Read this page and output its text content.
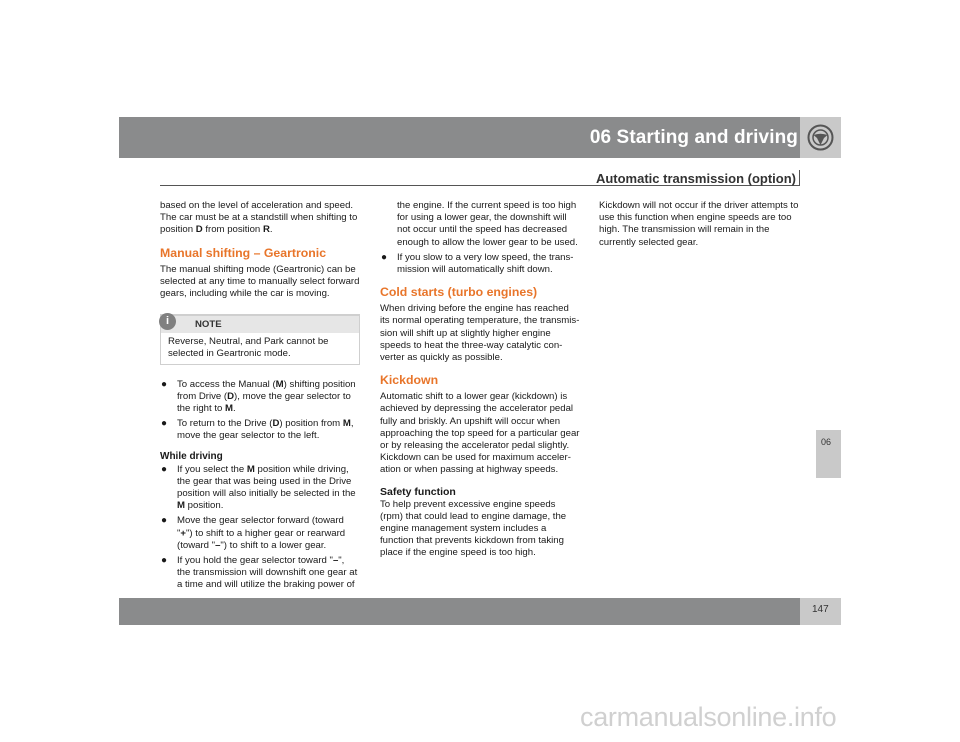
06 Starting and driving
Automatic transmission (option)
06

based on the level of acceleration and speed. The car must be at a standstill when shifting to position D from position R.

Manual shifting – Geartronic

The manual shifting mode (Geartronic) can be selected at any time to manually select forward gears, including while the car is moving.

i	NOTE
Reverse, Neutral, and Park cannot be selected in Geartronic mode.
● To access the Manual (M) shifting position from Drive (D), move the gear selector to the right to M.
● To return to the Drive (D) position from M, move the gear selector to the left.
While driving
● If you select the M position while driving, the gear that was being used in the Drive position will also initially be selected in the M position.
● Move the gear selector forward (toward "+") to shift to a higher gear or rearward (toward "–") to shift to a lower gear.
● If you hold the gear selector toward "–", the transmission will downshift one gear at a time and will utilize the braking power of
the engine. If the current speed is too high for using a lower gear, the downshift will not occur until the speed has decreased enough to allow the lower gear to be used.
● If you slow to a very low speed, the trans-mission will automatically shift down.
Cold starts (turbo engines)

When driving before the engine has reached its normal operating temperature, the transmis-sion will shift up at slightly higher engine speeds to heat the three-way catalytic con-verter as quickly as possible.

Kickdown

Automatic shift to a lower gear (kickdown) is achieved by depressing the accelerator pedal fully and briskly. An upshift will occur when approaching the top speed for a particular gear or by releasing the accelerator pedal slightly. Kickdown can be used for maximum acceler-ation or when passing at highway speeds.

Safety function

To help prevent excessive engine speeds (rpm) that could lead to engine damage, the engine management system includes a function that prevents kickdown from taking place if the engine speed is too high.

Kickdown will not occur if the driver attempts to use this function when engine speeds are too high. The transmission will remain in the currently selected gear.

147
carmanualsonline.info
